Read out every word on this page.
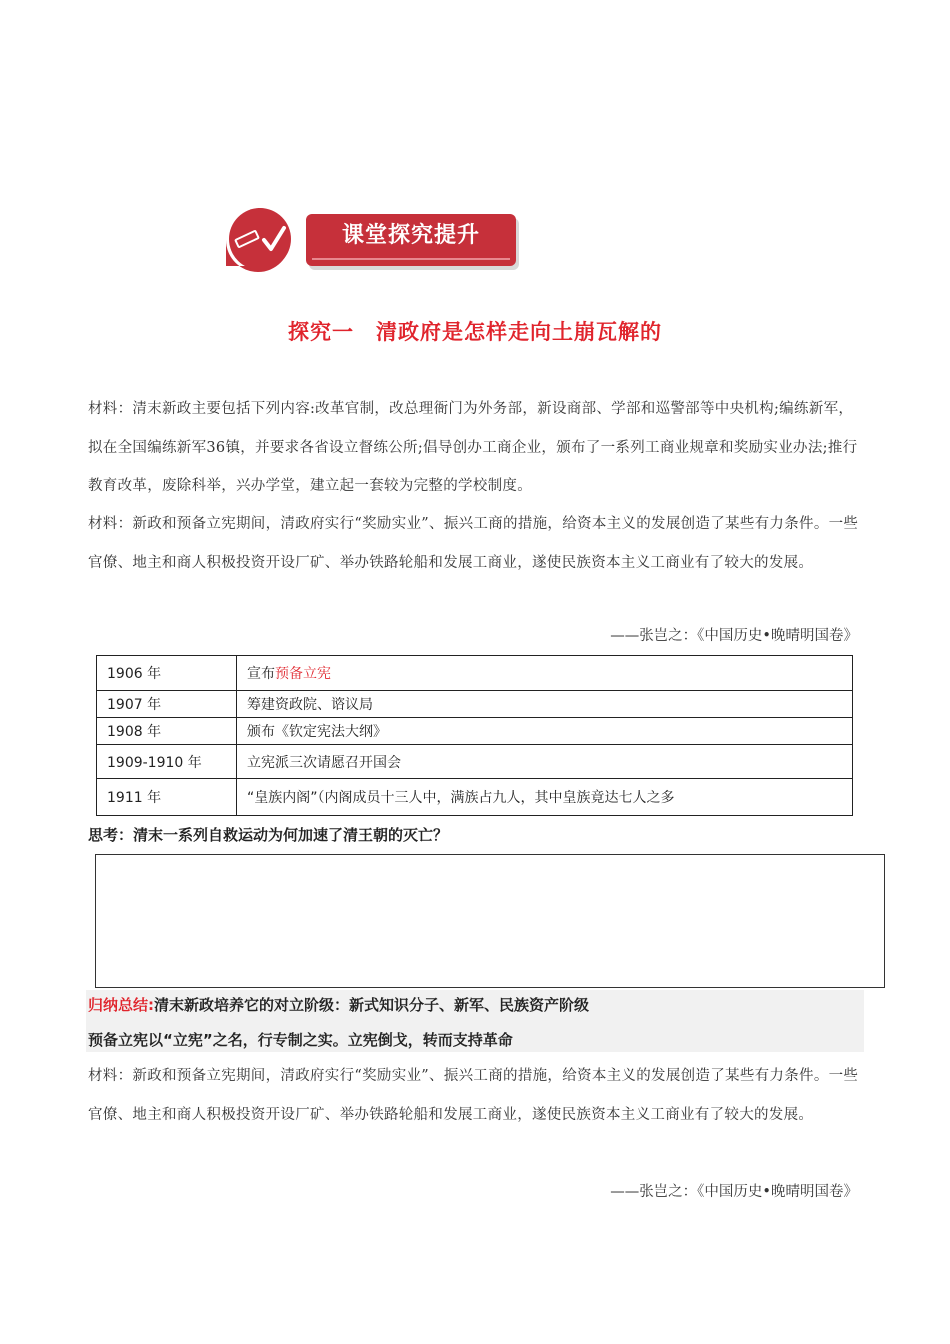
课堂探究提升
探究一　清政府是怎样走向土崩瓦解的
材料：清末新政主要包括下列内容:改革官制，改总理衙门为外务部，新设商部、学部和巡警部等中央机构;编练新军，拟在全国编练新军36镇，并要求各省设立督练公所;倡导创办工商企业，颁布了一系列工商业规章和奖励实业办法;推行教育改革，废除科举，兴办学堂，建立起一套较为完整的学校制度。
材料：新政和预备立宪期间，清政府实行“奖励实业”、振兴工商的措施，给资本主义的发展创造了某些有力条件。一些官僚、地主和商人积极投资开设厂矿、举办铁路轮船和发展工商业，遂使民族资本主义工商业有了较大的发展。
——张岂之：《中国历史•晚晴明国卷》
1906 年	宣布预备立宪
1907 年	筹建资政院、谘议局
1908 年	颁布《钦定宪法大纲》
1909-1910 年	立宪派三次请愿召开国会
1911 年	“皇族内阁”（内阁成员十三人中，满族占九人，其中皇族竟达七人之多
思考：清末一系列自救运动为何加速了清王朝的灭亡？
归纳总结:清末新政培养它的对立阶级：新式知识分子、新军、民族资产阶级
预备立宪以“立宪”之名，行专制之实。立宪倒戈，转而支持革命
材料：新政和预备立宪期间，清政府实行“奖励实业”、振兴工商的措施，给资本主义的发展创造了某些有力条件。一些官僚、地主和商人积极投资开设厂矿、举办铁路轮船和发展工商业，遂使民族资本主义工商业有了较大的发展。
——张岂之：《中国历史•晚晴明国卷》
